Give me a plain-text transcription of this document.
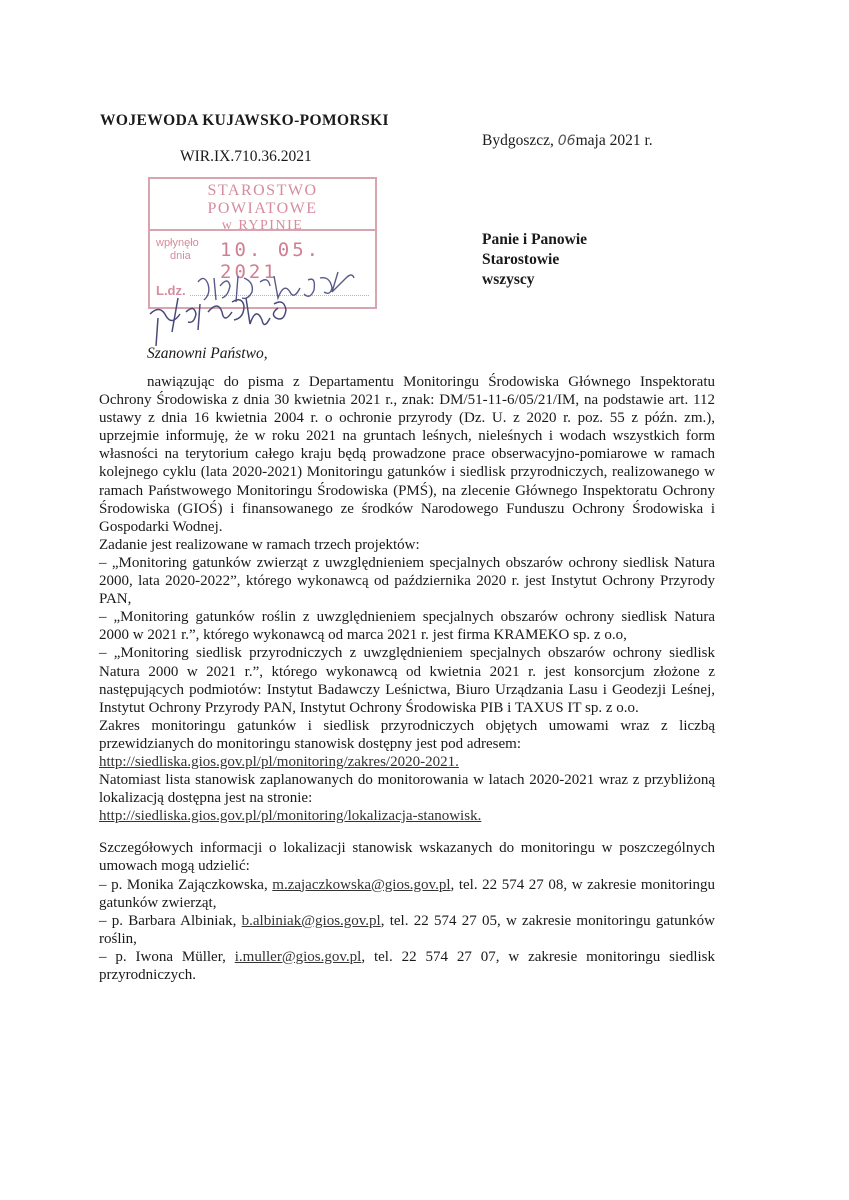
WOJEWODA KUJAWSKO-POMORSKI
WIR.IX.710.36.2021
Bydgoszcz, 06maja 2021 r.
STAROSTWO POWIATOWE
w RYPINIE
wpłynęło
dnia	10. 05. 2021
L.dz.
Panie i Panowie
Starostowie
wszyscy
Szanowni Państwo,

nawiązując do pisma z Departamentu Monitoringu Środowiska Głównego Inspektoratu Ochrony Środowiska z dnia 30 kwietnia 2021 r., znak: DM/51-11-6/05/21/IM, na podstawie art. 112 ustawy z dnia 16 kwietnia 2004 r. o ochronie przyrody (Dz. U. z 2020 r. poz. 55 z późn. zm.), uprzejmie informuję, że w roku 2021 na gruntach leśnych, nieleśnych i wodach wszystkich form własności na terytorium całego kraju będą prowadzone prace obserwacyjno-pomiarowe w ramach kolejnego cyklu (lata 2020-2021) Monitoringu gatunków i siedlisk przyrodniczych, realizowanego w ramach Państwowego Monitoringu Środowiska (PMŚ), na zlecenie Głównego Inspektoratu Ochrony Środowiska (GIOŚ) i finansowanego ze środków Narodowego Funduszu Ochrony Środowiska i Gospodarki Wodnej.

Zadanie jest realizowane w ramach trzech projektów:

– „Monitoring gatunków zwierząt z uwzględnieniem specjalnych obszarów ochrony siedlisk Natura 2000, lata 2020-2022”, którego wykonawcą od października 2020 r. jest Instytut Ochrony Przyrody PAN,

– „Monitoring gatunków roślin z uwzględnieniem specjalnych obszarów ochrony siedlisk Natura 2000 w 2021 r.”, którego wykonawcą od marca 2021 r. jest firma KRAMEKO sp. z o.o,

– „Monitoring siedlisk przyrodniczych z uwzględnieniem specjalnych obszarów ochrony siedlisk Natura 2000 w 2021 r.”, którego wykonawcą od kwietnia 2021 r. jest konsorcjum złożone z następujących podmiotów: Instytut Badawczy Leśnictwa, Biuro Urządzania Lasu i Geodezji Leśnej, Instytut Ochrony Przyrody PAN, Instytut Ochrony Środowiska PIB i TAXUS IT sp. z o.o.

Zakres monitoringu gatunków i siedlisk przyrodniczych objętych umowami wraz z liczbą przewidzianych do monitoringu stanowisk dostępny jest pod adresem:

http://siedliska.gios.gov.pl/pl/monitoring/zakres/2020-2021.

Natomiast lista stanowisk zaplanowanych do monitorowania w latach 2020-2021 wraz z przybliżoną lokalizacją dostępna jest na stronie:

http://siedliska.gios.gov.pl/pl/monitoring/lokalizacja-stanowisk.

Szczegółowych informacji o lokalizacji stanowisk wskazanych do monitoringu w poszczególnych umowach mogą udzielić:

– p. Monika Zajączkowska, m.zajaczkowska@gios.gov.pl, tel. 22 574 27 08, w zakresie monitoringu gatunków zwierząt,

– p. Barbara Albiniak, b.albiniak@gios.gov.pl, tel. 22 574 27 05, w zakresie monitoringu gatunków roślin,

– p. Iwona Müller, i.muller@gios.gov.pl, tel. 22 574 27 07, w zakresie monitoringu siedlisk przyrodniczych.
